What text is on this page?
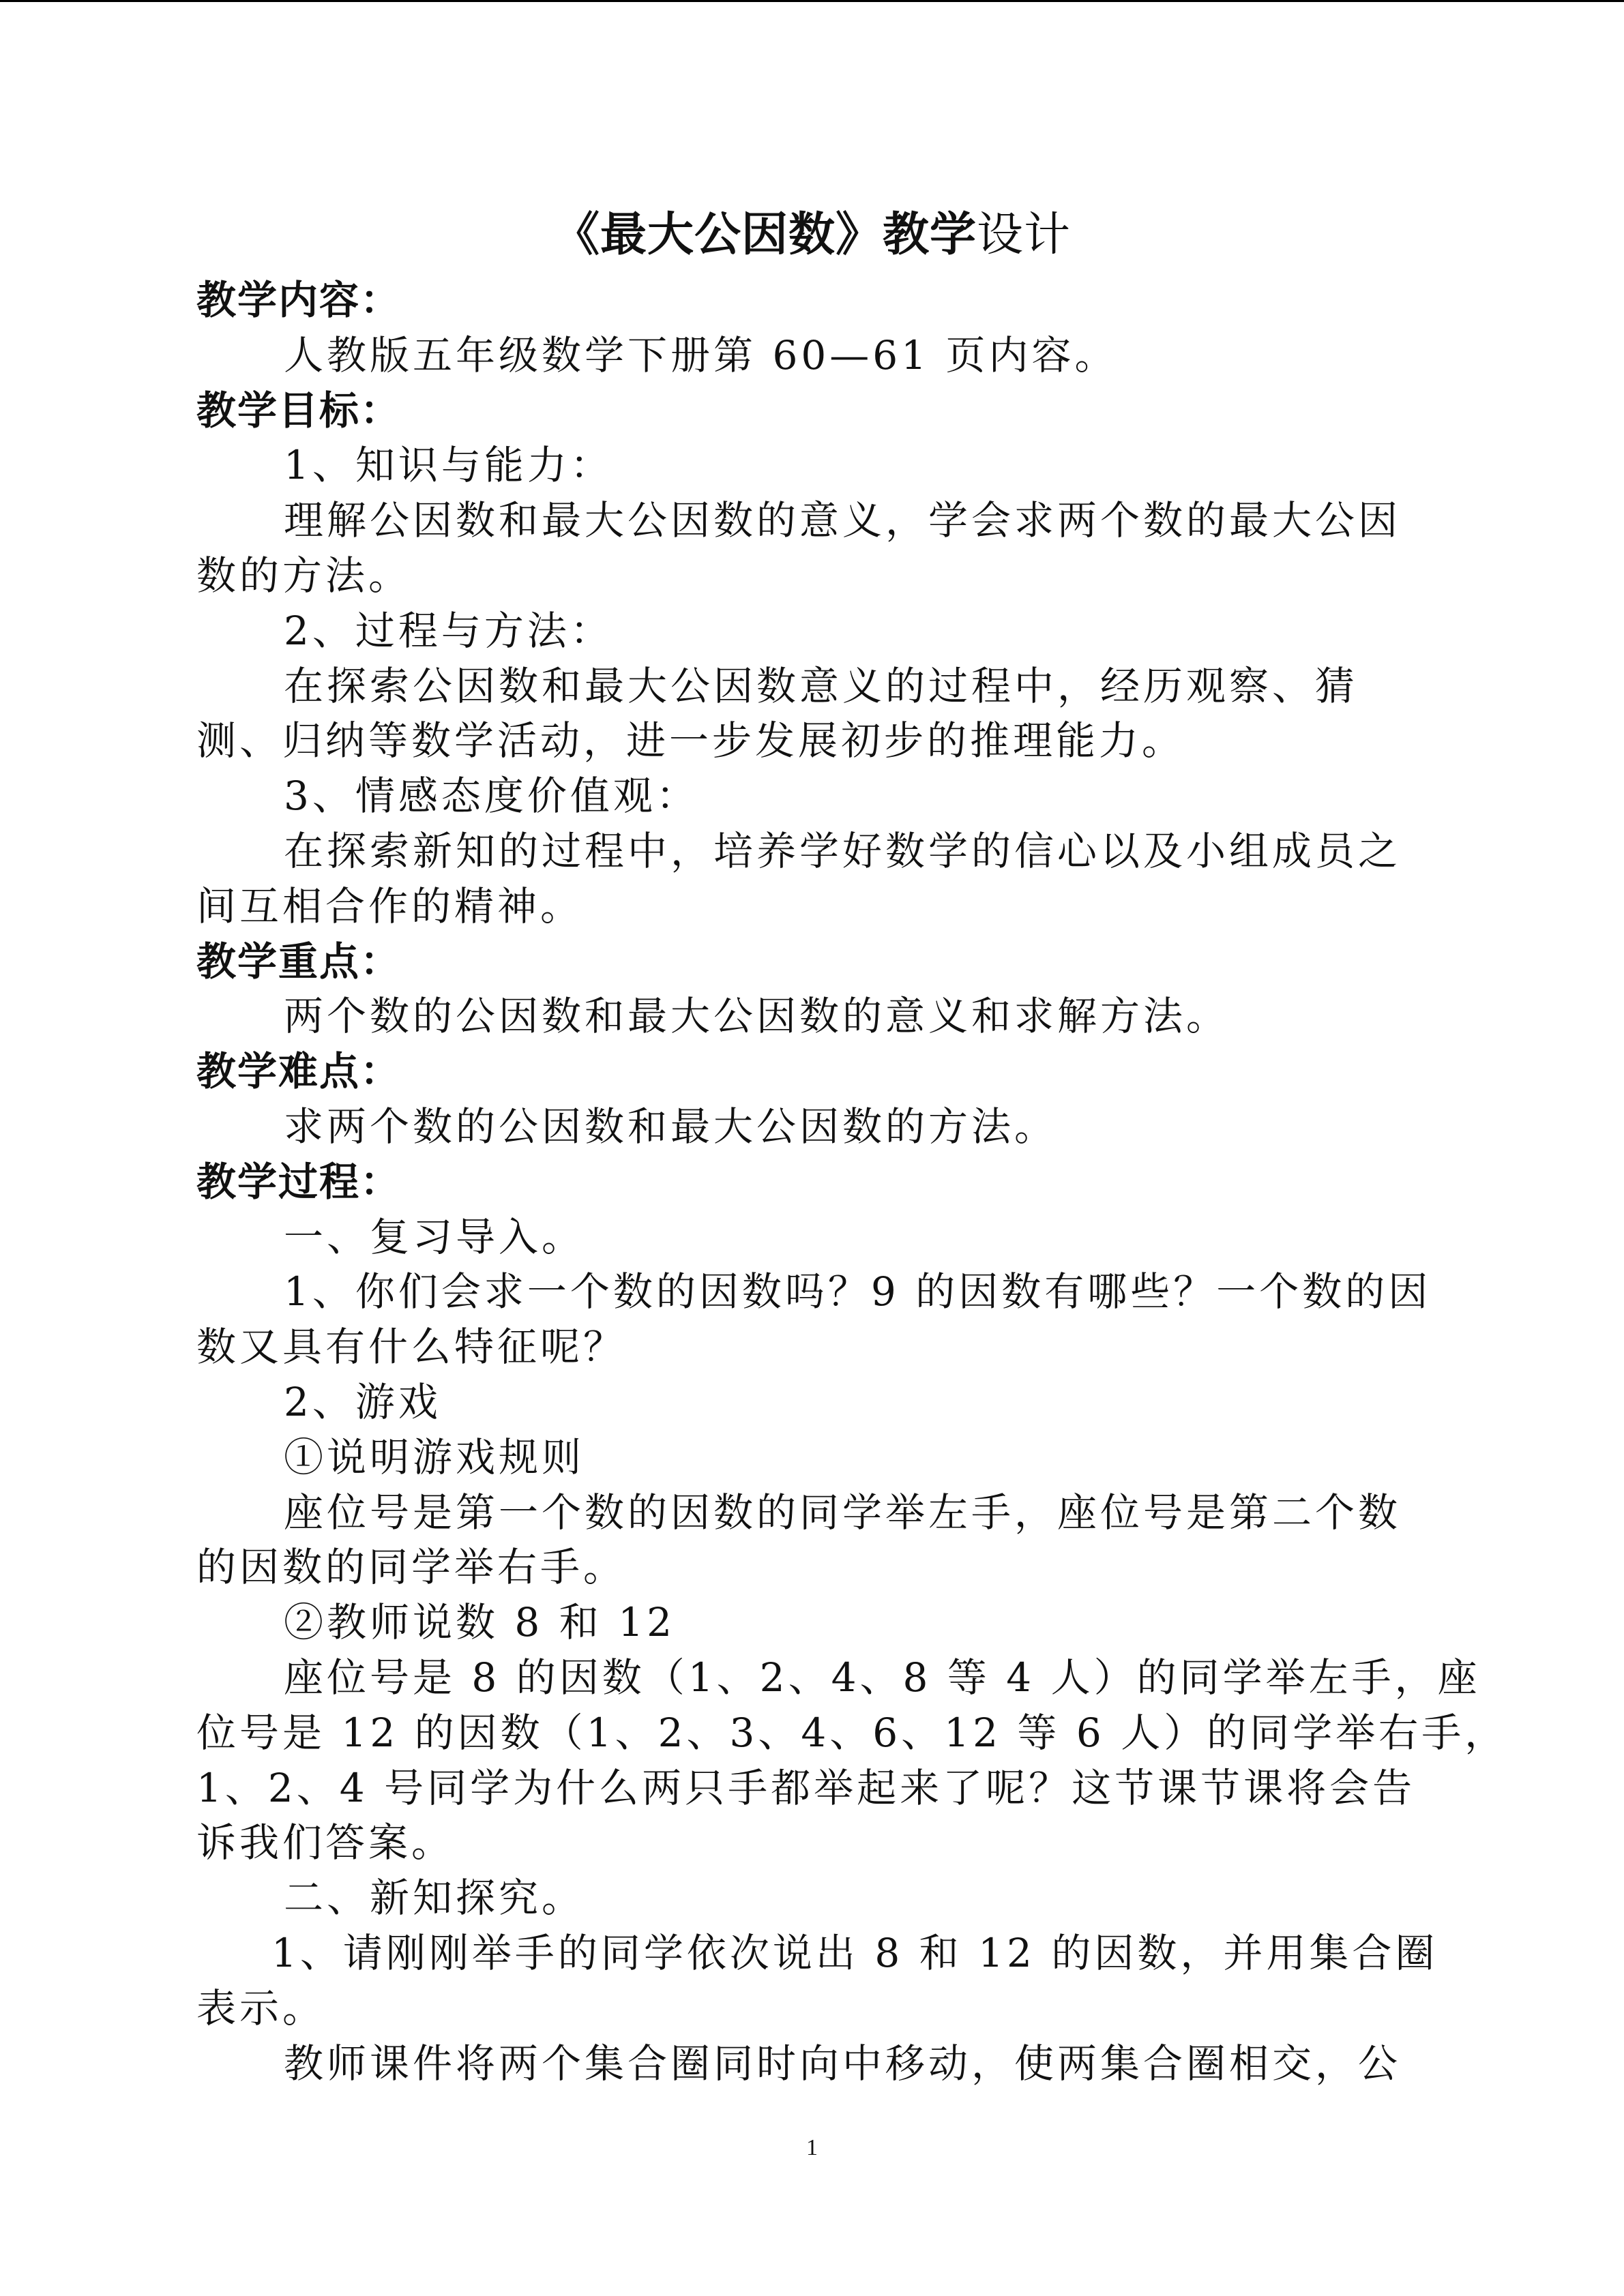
《最大公因数》教学设计
教学内容：
人教版五年级数学下册第 60—61 页内容。
教学目标：
1、知识与能力：
理解公因数和最大公因数的意义，学会求两个数的最大公因
数的方法。
2、过程与方法：
在探索公因数和最大公因数意义的过程中，经历观察、猜
测、归纳等数学活动，进一步发展初步的推理能力。
3、情感态度价值观：
在探索新知的过程中，培养学好数学的信心以及小组成员之
间互相合作的精神。
教学重点：
两个数的公因数和最大公因数的意义和求解方法。
教学难点：
求两个数的公因数和最大公因数的方法。
教学过程：
一、复习导入。
1、你们会求一个数的因数吗？9 的因数有哪些？一个数的因
数又具有什么特征呢？
2、游戏
①说明游戏规则
座位号是第一个数的因数的同学举左手，座位号是第二个数
的因数的同学举右手。
②教师说数 8 和 12
座位号是 8 的因数（1、2、4、8 等 4 人）的同学举左手，座
位号是 12 的因数（1、2、3、4、6、12 等 6 人）的同学举右手，
1、2、4 号同学为什么两只手都举起来了呢？这节课节课将会告
诉我们答案。
二、新知探究。
1、请刚刚举手的同学依次说出 8 和 12 的因数，并用集合圈
表示。
教师课件将两个集合圈同时向中移动，使两集合圈相交，公
1
